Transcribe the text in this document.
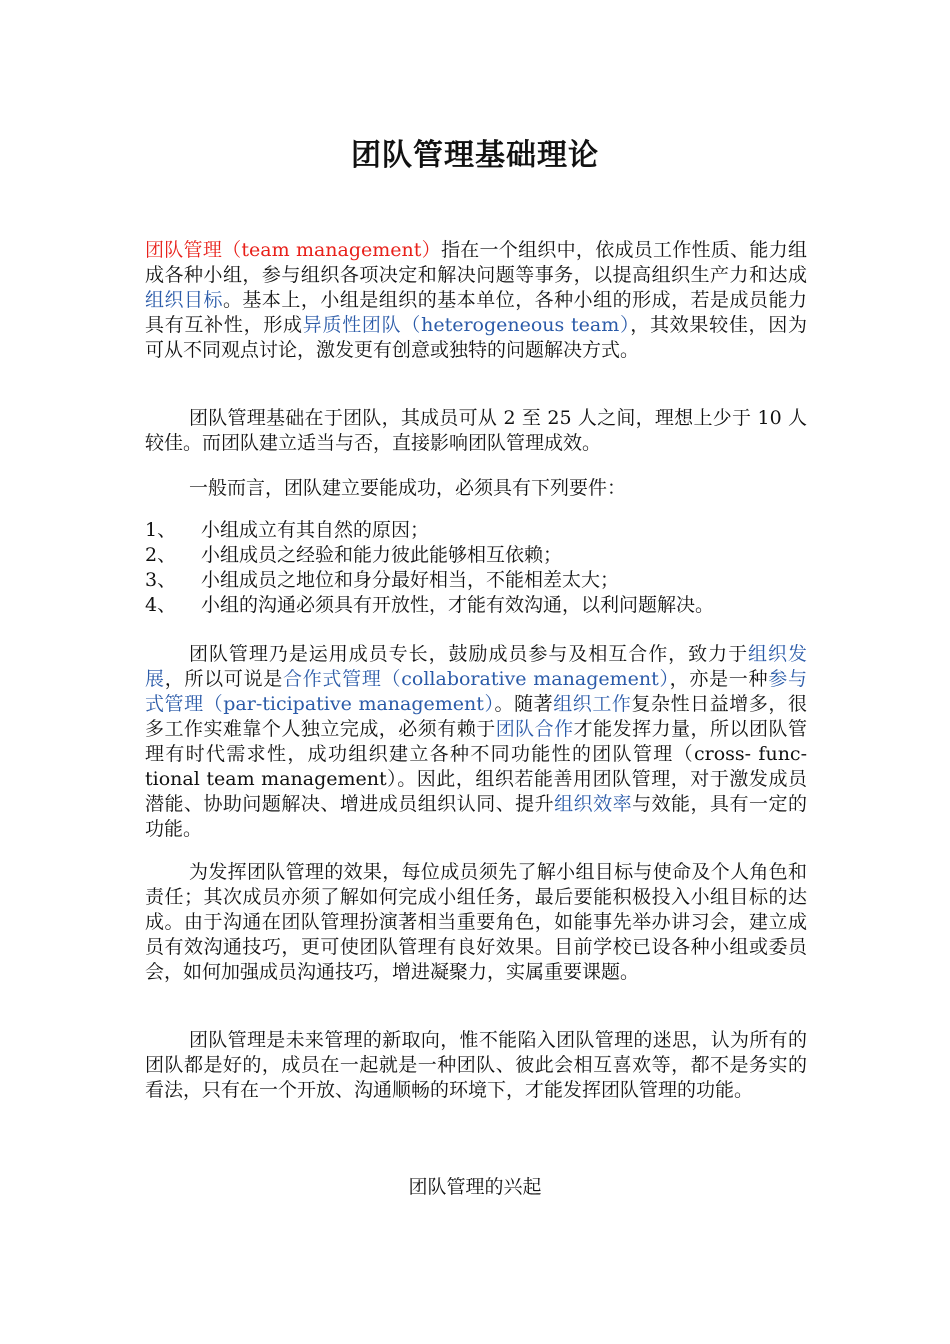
团队管理基础理论
团队管理（team management）指在一个组织中，依成员工作性质、能力组成各种小组，参与组织各项决定和解决问题等事务，以提高组织生产力和达成组织目标。基本上，小组是组织的基本单位，各种小组的形成，若是成员能力具有互补性，形成异质性团队（heterogeneous team），其效果较佳，因为可从不同观点讨论，激发更有创意或独特的问题解决方式。
团队管理基础在于团队，其成员可从 2 至 25 人之间，理想上少于 10 人较佳。而团队建立适当与否，直接影响团队管理成效。
一般而言，团队建立要能成功，必须具有下列要件：
1、	小组成立有其自然的原因；
2、	小组成员之经验和能力彼此能够相互依赖；
3、	小组成员之地位和身分最好相当，不能相差太大；
4、	小组的沟通必须具有开放性，才能有效沟通，以利问题解决。
团队管理乃是运用成员专长，鼓励成员参与及相互合作，致力于组织发展，所以可说是合作式管理（collaborative management），亦是一种参与式管理（par-ticipative management）。随著组织工作复杂性日益增多，很多工作实难靠个人独立完成，必须有赖于团队合作才能发挥力量，所以团队管理有时代需求性，成功组织建立各种不同功能性的团队管理（cross- func-tional team management）。因此，组织若能善用团队管理，对于激发成员潜能、协助问题解决、增进成员组织认同、提升组织效率与效能，具有一定的功能。
为发挥团队管理的效果，每位成员须先了解小组目标与使命及个人角色和责任；其次成员亦须了解如何完成小组任务，最后要能积极投入小组目标的达成。由于沟通在团队管理扮演著相当重要角色，如能事先举办讲习会，建立成员有效沟通技巧，更可使团队管理有良好效果。目前学校已设各种小组或委员会，如何加强成员沟通技巧，增进凝聚力，实属重要课题。
团队管理是未来管理的新取向，惟不能陷入团队管理的迷思，认为所有的团队都是好的，成员在一起就是一种团队、彼此会相互喜欢等，都不是务实的看法，只有在一个开放、沟通顺畅的环境下，才能发挥团队管理的功能。
团队管理的兴起
